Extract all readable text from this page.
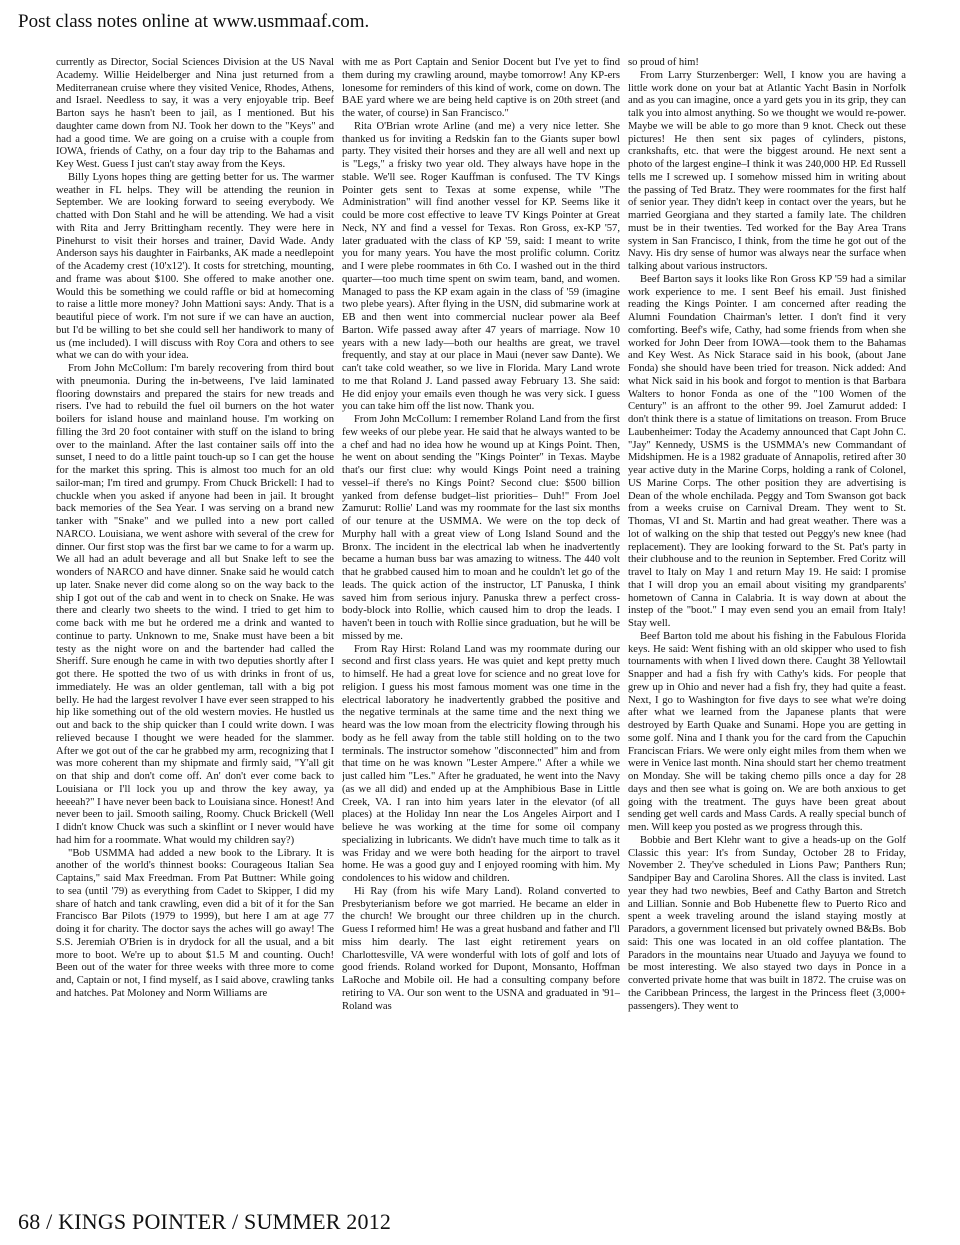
Post class notes online at www.usmmaaf.com.

currently as Director, Social Sciences Division at the US Naval Academy. Willie Heidelberger and Nina just returned from a Mediterranean cruise where they visited Venice, Rhodes, Athens, and Israel. Needless to say, it was a very enjoyable trip. Beef Barton says he hasn't been to jail, as I mentioned. But his daughter came down from NJ. Took her down to the "Keys" and had a good time. We are going on a cruise with a couple from IOWA, friends of Cathy, on a four day trip to the Bahamas and Key West. Guess I just can't stay away from the Keys.

Billy Lyons hopes thing are getting better for us. The warmer weather in FL helps. They will be attending the reunion in September. We are looking forward to seeing everybody. We chatted with Don Stahl and he will be attending. We had a visit with Rita and Jerry Brittingham recently. They were here in Pinehurst to visit their horses and trainer, David Wade. Andy Anderson says his daughter in Fairbanks, AK made a needlepoint of the Academy crest (10'x12'). It costs for stretching, mounting, and frame was about $100. She offered to make another one. Would this be something we could raffle or bid at homecoming to raise a little more money? John Mattioni says: Andy. That is a beautiful piece of work. I'm not sure if we can have an auction, but I'd be willing to bet she could sell her handiwork to many of us (me included). I will discuss with Roy Cora and others to see what we can do with your idea.

From John McCollum: I'm barely recovering from third bout with pneumonia. During the in-betweens, I've laid laminated flooring downstairs and prepared the stairs for new treads and risers. I've had to rebuild the fuel oil burners on the hot water boilers for island house and mainland house. I'm working on filling the 3rd 20 foot container with stuff on the island to bring over to the mainland. After the last container sails off into the sunset, I need to do a little paint touch-up so I can get the house for the market this spring. This is almost too much for an old sailor-man; I'm tired and grumpy. From Chuck Brickell: I had to chuckle when you asked if anyone had been in jail. It brought back memories of the Sea Year. I was serving on a brand new tanker with "Snake" and we pulled into a new port called NARCO. Louisiana, we went ashore with several of the crew for dinner. Our first stop was the first bar we came to for a warm up. We all had an adult beverage and all but Snake left to see the wonders of NARCO and have dinner. Snake said he would catch up later. Snake never did come along so on the way back to the ship I got out of the cab and went in to check on Snake. He was there and clearly two sheets to the wind. I tried to get him to come back with me but he ordered me a drink and wanted to continue to party. Unknown to me, Snake must have been a bit testy as the night wore on and the bartender had called the Sheriff. Sure enough he came in with two deputies shortly after I got there. He spotted the two of us with drinks in front of us, immediately. He was an older gentleman, tall with a big pot belly. He had the largest revolver I have ever seen strapped to his hip like something out of the old western movies. He hustled us out and back to the ship quicker than I could write down. I was relieved because I thought we were headed for the slammer. After we got out of the car he grabbed my arm, recognizing that I was more coherent than my shipmate and firmly said, "Y'all git on that ship and don't come off. An' don't ever come back to Louisiana or I'll lock you up and throw the key away, ya heeeah?" I have never been back to Louisiana since. Honest! And never been to jail. Smooth sailing, Roomy. Chuck Brickell (Well I didn't know Chuck was such a skinflint or I never would have had him for a roommate. What would my children say?)

"Bob USMMA had added a new book to the Library. It is another of the world's thinnest books: Courageous Italian Sea Captains," said Max Freedman. From Pat Buttner: While going to sea (until '79) as everything from Cadet to Skipper, I did my share of hatch and tank crawling, even did a bit of it for the San Francisco Bar Pilots (1979 to 1999), but here I am at age 77 doing it for charity. The doctor says the aches will go away! The S.S. Jeremiah O'Brien is in drydock for all the usual, and a bit more to boot. We're up to about $1.5 M and counting. Ouch! Been out of the water for three weeks with three more to come and, Captain or not, I find myself, as I said above, crawling tanks and hatches. Pat Moloney and Norm Williams are

with me as Port Captain and Senior Docent but I've yet to find them during my crawling around, maybe tomorrow! Any KP-ers lonesome for reminders of this kind of work, come on down. The BAE yard where we are being held captive is on 20th street (and the water, of course) in San Francisco."

Rita O'Brian wrote Arline (and me) a very nice letter. She thanked us for inviting a Redskin fan to the Giants super bowl party. They visited their horses and they are all well and next up is "Legs," a frisky two year old. They always have hope in the stable. We'll see. Roger Kauffman is confused. The TV Kings Pointer gets sent to Texas at some expense, while "The Administration" will find another vessel for KP. Seems like it could be more cost effective to leave TV Kings Pointer at Great Neck, NY and find a vessel for Texas. Ron Gross, ex-KP '57, later graduated with the class of KP '59, said: I meant to write you for many years. You have the most prolific column. Coritz and I were plebe roommates in 6th Co. I washed out in the third quarter—too much time spent on swim team, band, and women. Managed to pass the KP exam again in the class of '59 (imagine two plebe years). After flying in the USN, did submarine work at EB and then went into commercial nuclear power ala Beef Barton. Wife passed away after 47 years of marriage. Now 10 years with a new lady—both our healths are great, we travel frequently, and stay at our place in Maui (never saw Dante). We can't take cold weather, so we live in Florida. Mary Land wrote to me that Roland J. Land passed away February 13. She said: He did enjoy your emails even though he was very sick. I guess you can take him off the list now. Thank you.

From John McCollum: I remember Roland Land from the first few weeks of our plebe year. He said that he always wanted to be a chef and had no idea how he wound up at Kings Point. Then, he went on about sending the "Kings Pointer" in Texas. Maybe that's our first clue: why would Kings Point need a training vessel–if there's no Kings Point? Second clue: $500 billion yanked from defense budget–list priorities– Duh!" From Joel Zamurut: Rollie' Land was my roommate for the last six months of our tenure at the USMMA. We were on the top deck of Murphy hall with a great view of Long Island Sound and the Bronx. The incident in the electrical lab when he inadvertently became a human buss bar was amazing to witness. The 440 volt that he grabbed caused him to moan and he couldn't let go of the leads. The quick action of the instructor, LT Panuska, I think saved him from serious injury. Panuska threw a perfect cross-body-block into Rollie, which caused him to drop the leads. I haven't been in touch with Rollie since graduation, but he will be missed by me.

From Ray Hirst: Roland Land was my roommate during our second and first class years. He was quiet and kept pretty much to himself. He had a great love for science and no great love for religion. I guess his most famous moment was one time in the electrical laboratory he inadvertently grabbed the positive and the negative terminals at the same time and the next thing we heard was the low moan from the electricity flowing through his body as he fell away from the table still holding on to the two terminals. The instructor somehow "disconnected" him and from that time on he was known "Lester Ampere." After a while we just called him "Les." After he graduated, he went into the Navy (as we all did) and ended up at the Amphibious Base in Little Creek, VA. I ran into him years later in the elevator (of all places) at the Holiday Inn near the Los Angeles Airport and I believe he was working at the time for some oil company specializing in lubricants. We didn't have much time to talk as it was Friday and we were both heading for the airport to travel home. He was a good guy and I enjoyed rooming with him. My condolences to his widow and children.

Hi Ray (from his wife Mary Land). Roland converted to Presbyterianism before we got married. He became an elder in the church! We brought our three children up in the church. Guess I reformed him! He was a great husband and father and I'll miss him dearly. The last eight retirement years on Charlottesville, VA were wonderful with lots of golf and lots of good friends. Roland worked for Dupont, Monsanto, Hoffman LaRoche and Mobile oil. He had a consulting company before retiring to VA. Our son went to the USNA and graduated in '91–Roland was

so proud of him!

From Larry Sturzenberger: Well, I know you are having a little work done on your bat at Atlantic Yacht Basin in Norfolk and as you can imagine, once a yard gets you in its grip, they can talk you into almost anything. So we thought we would re-power. Maybe we will be able to go more than 9 knot. Check out these pictures! He then sent six pages of cylinders, pistons, crankshafts, etc. that were the biggest around. He next sent a photo of the largest engine–I think it was 240,000 HP. Ed Russell tells me I screwed up. I somehow missed him in writing about the passing of Ted Bratz. They were roommates for the first half of senior year. They didn't keep in contact over the years, but he married Georgiana and they started a family late. The children must be in their twenties. Ted worked for the Bay Area Trans system in San Francisco, I think, from the time he got out of the Navy. His dry sense of humor was always near the surface when talking about various instructors.

Beef Barton says it looks like Ron Gross KP '59 had a similar work experience to me. I sent Beef his email. Just finished reading the Kings Pointer. I am concerned after reading the Alumni Foundation Chairman's letter. I don't find it very comforting. Beef's wife, Cathy, had some friends from when she worked for John Deer from IOWA—took them to the Bahamas and Key West. As Nick Starace said in his book, (about Jane Fonda) she should have been tried for treason. Nick added: And what Nick said in his book and forgot to mention is that Barbara Walters to honor Fonda as one of the "100 Women of the Century" is an affront to the other 99. Joel Zamurut added: I don't think there is a statue of limitations on treason. From Bruce Laubenheimer: Today the Academy announced that Capt John C. "Jay" Kennedy, USMS is the USMMA's new Commandant of Midshipmen. He is a 1982 graduate of Annapolis, retired after 30 year active duty in the Marine Corps, holding a rank of Colonel, US Marine Corps. The other position they are advertising is Dean of the whole enchilada. Peggy and Tom Swanson got back from a weeks cruise on Carnival Dream. They went to St. Thomas, VI and St. Martin and had great weather. There was a lot of walking on the ship that tested out Peggy's new knee (had replacement). They are looking forward to the St. Pat's party in their clubhouse and to the reunion in September. Fred Coritz will travel to Italy on May 1 and return May 19. He said: I promise that I will drop you an email about visiting my grandparents' hometown of Canna in Calabria. It is way down at about the instep of the "boot." I may even send you an email from Italy! Stay well.

Beef Barton told me about his fishing in the Fabulous Florida keys. He said: Went fishing with an old skipper who used to fish tournaments with when I lived down there. Caught 38 Yellowtail Snapper and had a fish fry with Cathy's kids. For people that grew up in Ohio and never had a fish fry, they had quite a feast. Next, I go to Washington for five days to see what we're doing after what we learned from the Japanese plants that were destroyed by Earth Quake and Sunami. Hope you are getting in some golf. Nina and I thank you for the card from the Capuchin Franciscan Friars. We were only eight miles from them when we were in Venice last month. Nina should start her chemo treatment on Monday. She will be taking chemo pills once a day for 28 days and then see what is going on. We are both anxious to get going with the treatment. The guys have been great about sending get well cards and Mass Cards. A really special bunch of men. Will keep you posted as we progress through this.

Bobbie and Bert Klehr want to give a heads-up on the Golf Classic this year: It's from Sunday, October 28 to Friday, November 2. They've scheduled in Lions Paw; Panthers Run; Sandpiper Bay and Carolina Shores. All the class is invited. Last year they had two newbies, Beef and Cathy Barton and Stretch and Lillian. Sonnie and Bob Hubenette flew to Puerto Rico and spent a week traveling around the island staying mostly at Paradors, a government licensed but privately owned B&Bs. Bob said: This one was located in an old coffee plantation. The Paradors in the mountains near Utuado and Jayuya we found to be most interesting. We also stayed two days in Ponce in a converted private home that was built in 1872. The cruise was on the Caribbean Princess, the largest in the Princess fleet (3,000+ passengers). They went to

68 / KINGS POINTER / SUMMER 2012
